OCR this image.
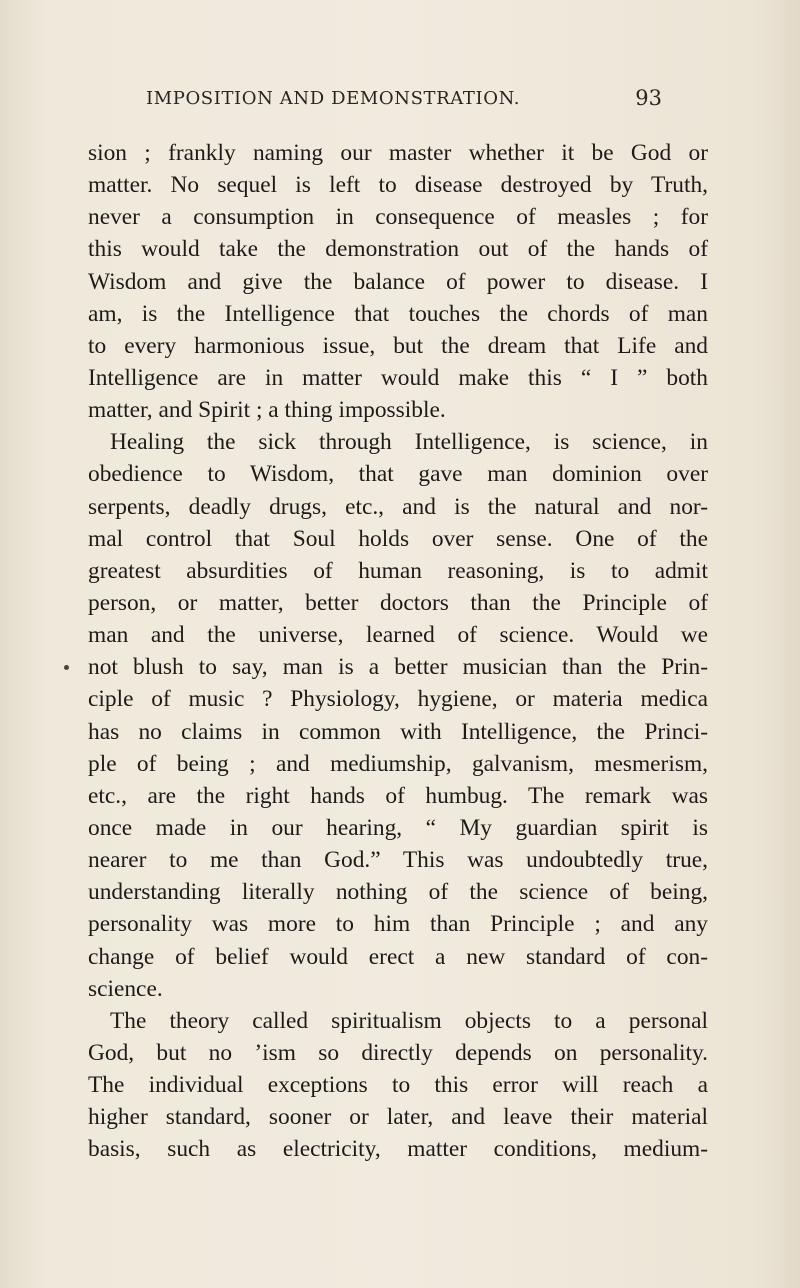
IMPOSITION AND DEMONSTRATION.	93
sion ; frankly naming our master whether it be God or
matter. No sequel is left to disease destroyed by Truth,
never a consumption in consequence of measles ; for
this would take the demonstration out of the hands of
Wisdom and give the balance of power to disease. I
am, is the Intelligence that touches the chords of man
to every harmonious issue, but the dream that Life and
Intelligence are in matter would make this “ I ” both
matter, and Spirit ; a thing impossible.
Healing the sick through Intelligence, is science, in
obedience to Wisdom, that gave man dominion over
serpents, deadly drugs, etc., and is the natural and nor-
mal control that Soul holds over sense. One of the
greatest absurdities of human reasoning, is to admit
person, or matter, better doctors than the Principle of
man and the universe, learned of science. Would we
not blush to say, man is a better musician than the Prin-
ciple of music ? Physiology, hygiene, or materia medica
has no claims in common with Intelligence, the Princi-
ple of being ; and mediumship, galvanism, mesmerism,
etc., are the right hands of humbug. The remark was
once made in our hearing, “ My guardian spirit is
nearer to me than God.” This was undoubtedly true,
understanding literally nothing of the science of being,
personality was more to him than Principle ; and any
change of belief would erect a new standard of con-
science.
The theory called spiritualism objects to a personal
God, but no ’ism so directly depends on personality.
The individual exceptions to this error will reach a
higher standard, sooner or later, and leave their material
basis, such as electricity, matter conditions, medium-
